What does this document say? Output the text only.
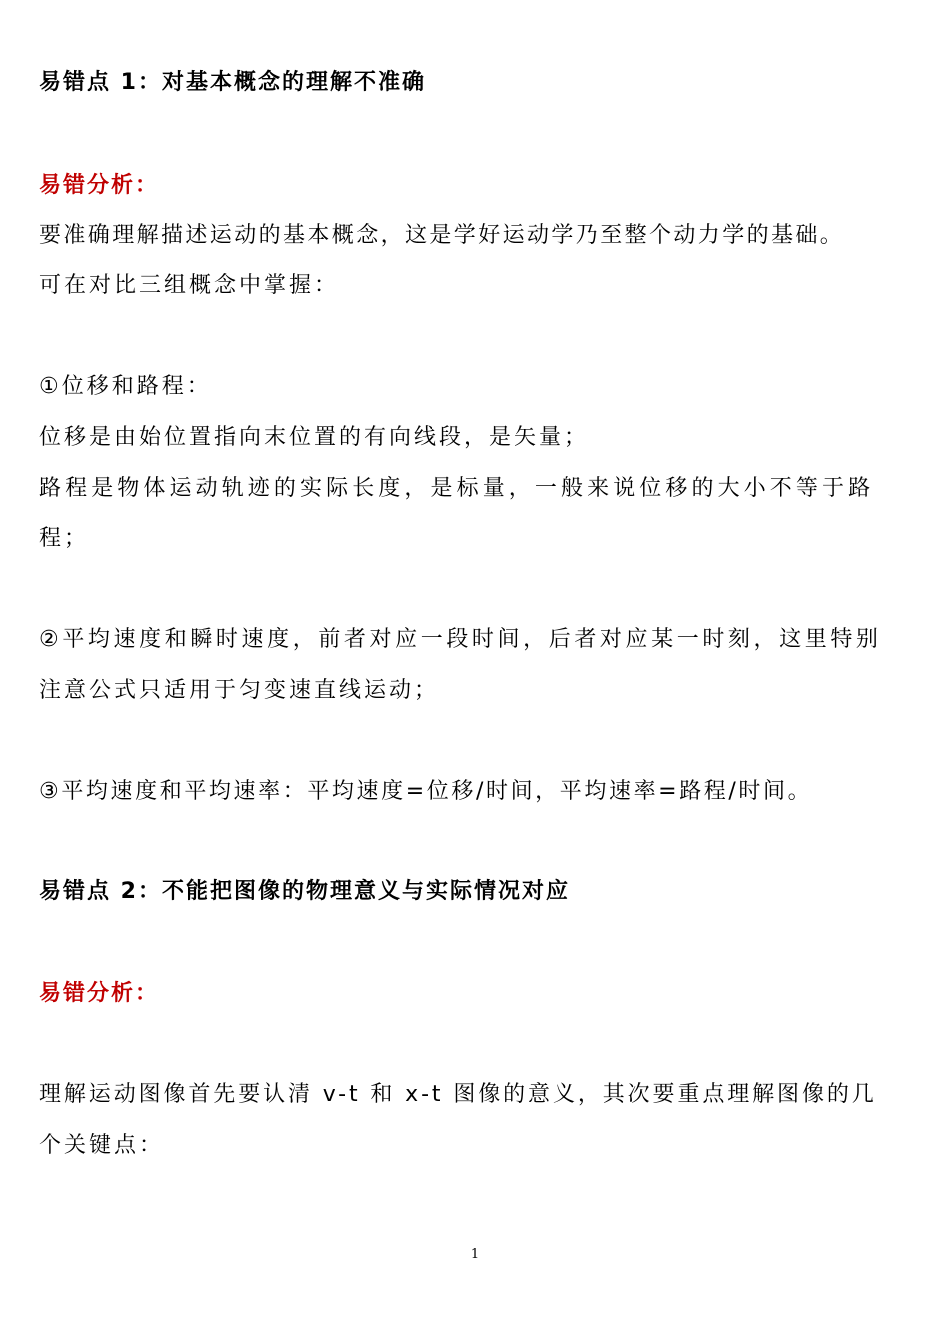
易错点 1：对基本概念的理解不准确
易错分析：
要准确理解描述运动的基本概念，这是学好运动学乃至整个动力学的基础。
可在对比三组概念中掌握：
①位移和路程：
位移是由始位置指向末位置的有向线段，是矢量；
路程是物体运动轨迹的实际长度，是标量，一般来说位移的大小不等于路
程；
②平均速度和瞬时速度，前者对应一段时间，后者对应某一时刻，这里特别
注意公式只适用于匀变速直线运动；
③平均速度和平均速率：平均速度=位移/时间，平均速率=路程/时间。
易错点 2：不能把图像的物理意义与实际情况对应
易错分析：
理解运动图像首先要认清 v-t 和 x-t 图像的意义，其次要重点理解图像的几
个关键点：
1
